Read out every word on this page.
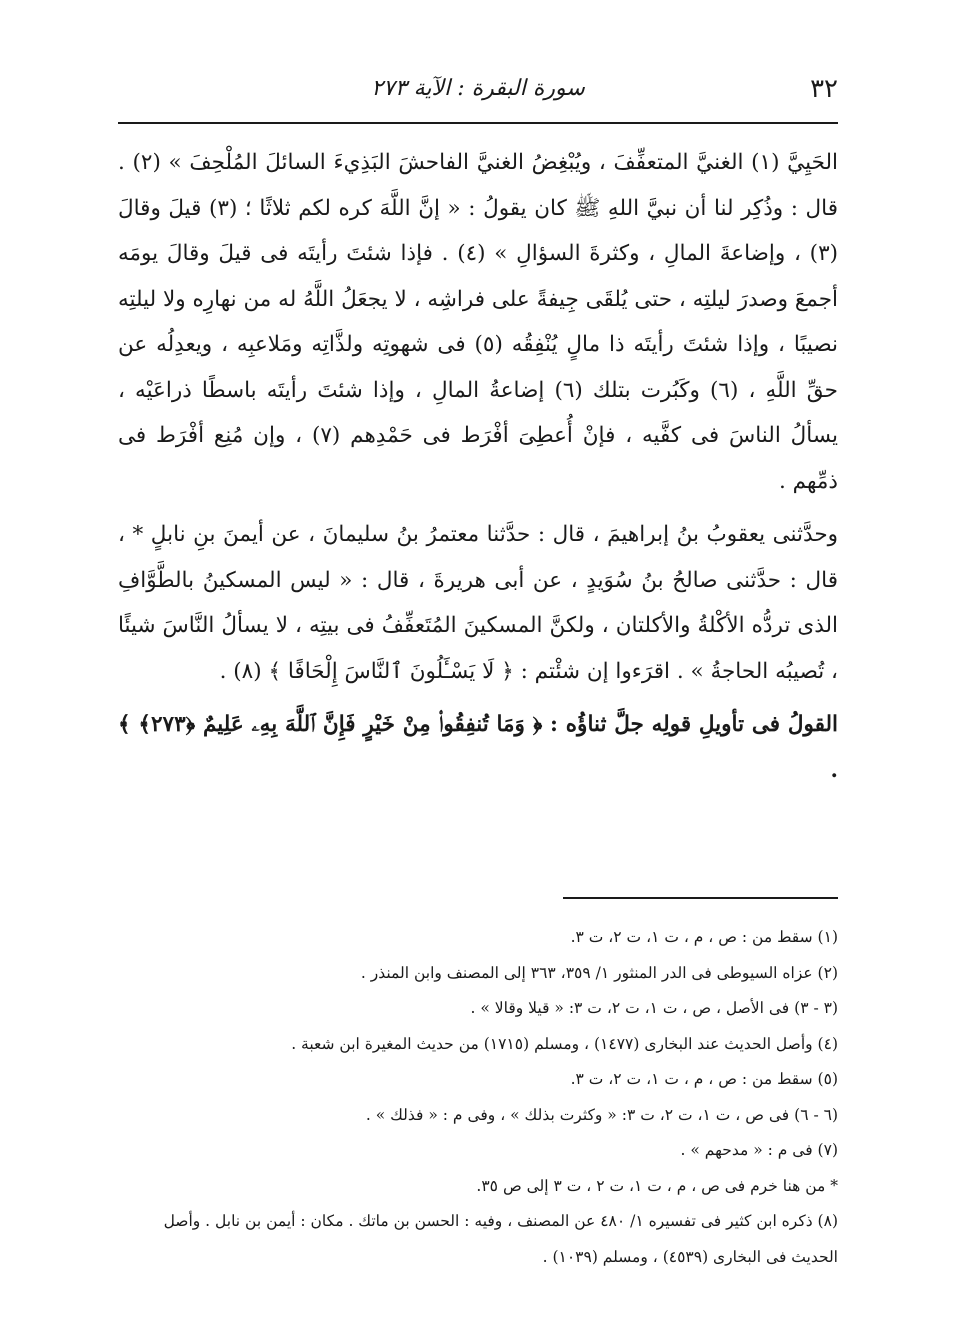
٣٢
سورة البقرة : الآية ٢٧٣

الحَيِيَّ (١) الغنيَّ المتعفِّفَ ، ويُبْغِضُ الغنيَّ الفاحشَ البَذِيءَ السائلَ المُلْحِفَ » (٢) . قال : وذُكِر لنا أن نبيَّ اللهِ ﷺ كان يقولُ : « إنَّ اللَّهَ كره لكم ثلاثًا ؛ (٣) قيلَ وقالَ (٣) ، وإضاعةَ المالِ ، وكثرةَ السؤالِ » (٤) . فإذا شئتَ رأيتَه فى قيلَ وقالَ يومَه أجمعَ وصدرَ ليلتِه ، حتى يُلقَى جِيفةً على فراشِه ، لا يجعَلُ اللَّهُ له من نهارِه ولا ليلتِه نصيبًا ، وإذا شئتَ رأيتَه ذا مالٍ يُنْفِقُه (٥) فى شهوتِه ولذَّاتِه ومَلاعبِه ، ويعدِلُه عن حقِّ اللَّهِ ، (٦) وكَبُرت بتلك (٦) إضاعةُ المالِ ، وإذا شئتَ رأيتَه باسطًا ذراعَيْه ، يسألُ الناسَ فى كفَّيه ، فإنْ أُعطِىَ أفْرَط فى حَمْدِهم (٧) ، وإن مُنِع أفْرَط فى ذمِّهم .

وحدَّثنى يعقوبُ بنُ إبراهيمَ ، قال : حدَّثنا معتمرُ بنُ سليمانَ ، عن أيمنَ بنِ نابلٍ * ، قال : حدَّثنى صالحُ بنُ سُوَيدٍ ، عن أبى هريرةَ ، قال : « ليس المسكينُ بالطَّوَّافِ الذى تردُّه الأكْلةُ والأكلتان ، ولكنَّ المسكينَ المُتَعفِّفُ فى بيتِه ، لا يسألُ النَّاسَ شيئًا ، تُصيبُه الحاجةُ » . اقرَءوا إن شئْتم : ﴿ لَا يَسْـَٔلُونَ ٱلنَّاسَ إِلْحَافًا ﴾ (٨) .

القولُ فى تأويلِ قولِه جلَّ ثناؤُه : ﴿ وَمَا تُنفِقُوا۟ مِنْ خَيْرٍ فَإِنَّ ٱللَّهَ بِهِۦ عَلِيمٌ ﴿٢٧٣﴾ ﴾ .

(١) سقط من : ص ، م ، ت ١، ت ٢، ت ٣.

(٢) عزاه السيوطى فى الدر المنثور ١/ ٣٥٩، ٣٦٣ إلى المصنف وابن المنذر .

(٣ - ٣) فى الأصل ، ص ، ت ١، ت ٢، ت ٣: « قيلا وقالا » .

(٤) وأصل الحديث عند البخارى (١٤٧٧) ، ومسلم (١٧١٥) من حديث المغيرة ابن شعبة .

(٥) سقط من : ص ، م ، ت ١، ت ٢، ت ٣.

(٦ - ٦) فى ص ، ت ١، ت ٢، ت ٣: « وكثرت بذلك » ، وفى م : « فذلك » .

(٧) فى م : « مدحهم » .

* من هنا خرم فى ص ، م ، ت ١، ت ٢ ، ت ٣ إلى ص ٣٥.

(٨) ذكره ابن كثير فى تفسيره ١/ ٤٨٠ عن المصنف ، وفيه : الحسن بن ماتك . مكان : أيمن بن نابل . وأصل الحديث فى البخارى (٤٥٣٩) ، ومسلم (١٠٣٩) .
